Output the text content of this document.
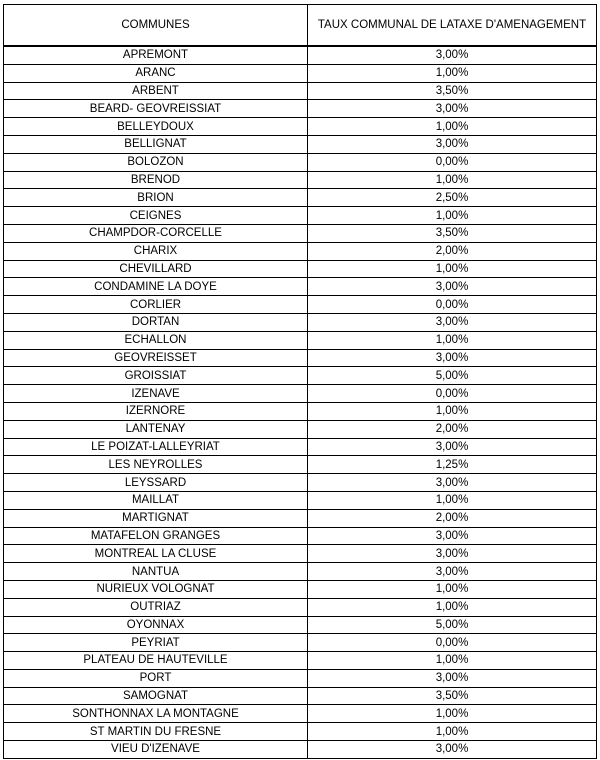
COMMUNES	TAUX COMMUNAL DE LATAXE D'AMENAGEMENT
APREMONT	3,00%
ARANC	1,00%
ARBENT	3,50%
BEARD- GEOVREISSIAT	3,00%
BELLEYDOUX	1,00%
BELLIGNAT	3,00%
BOLOZON	0,00%
BRENOD	1,00%
BRION	2,50%
CEIGNES	1,00%
CHAMPDOR-CORCELLE	3,50%
CHARIX	2,00%
CHEVILLARD	1,00%
CONDAMINE LA DOYE	3,00%
CORLIER	0,00%
DORTAN	3,00%
ECHALLON	1,00%
GEOVREISSET	3,00%
GROISSIAT	5,00%
IZENAVE	0,00%
IZERNORE	1,00%
LANTENAY	2,00%
LE POIZAT-LALLEYRIAT	3,00%
LES NEYROLLES	1,25%
LEYSSARD	3,00%
MAILLAT	1,00%
MARTIGNAT	2,00%
MATAFELON GRANGES	3,00%
MONTREAL LA CLUSE	3,00%
NANTUA	3,00%
NURIEUX VOLOGNAT	1,00%
OUTRIAZ	1,00%
OYONNAX	5,00%
PEYRIAT	0,00%
PLATEAU DE HAUTEVILLE	1,00%
PORT	3,00%
SAMOGNAT	3,50%
SONTHONNAX LA MONTAGNE	1,00%
ST MARTIN DU FRESNE	1,00%
VIEU D'IZENAVE	3,00%
